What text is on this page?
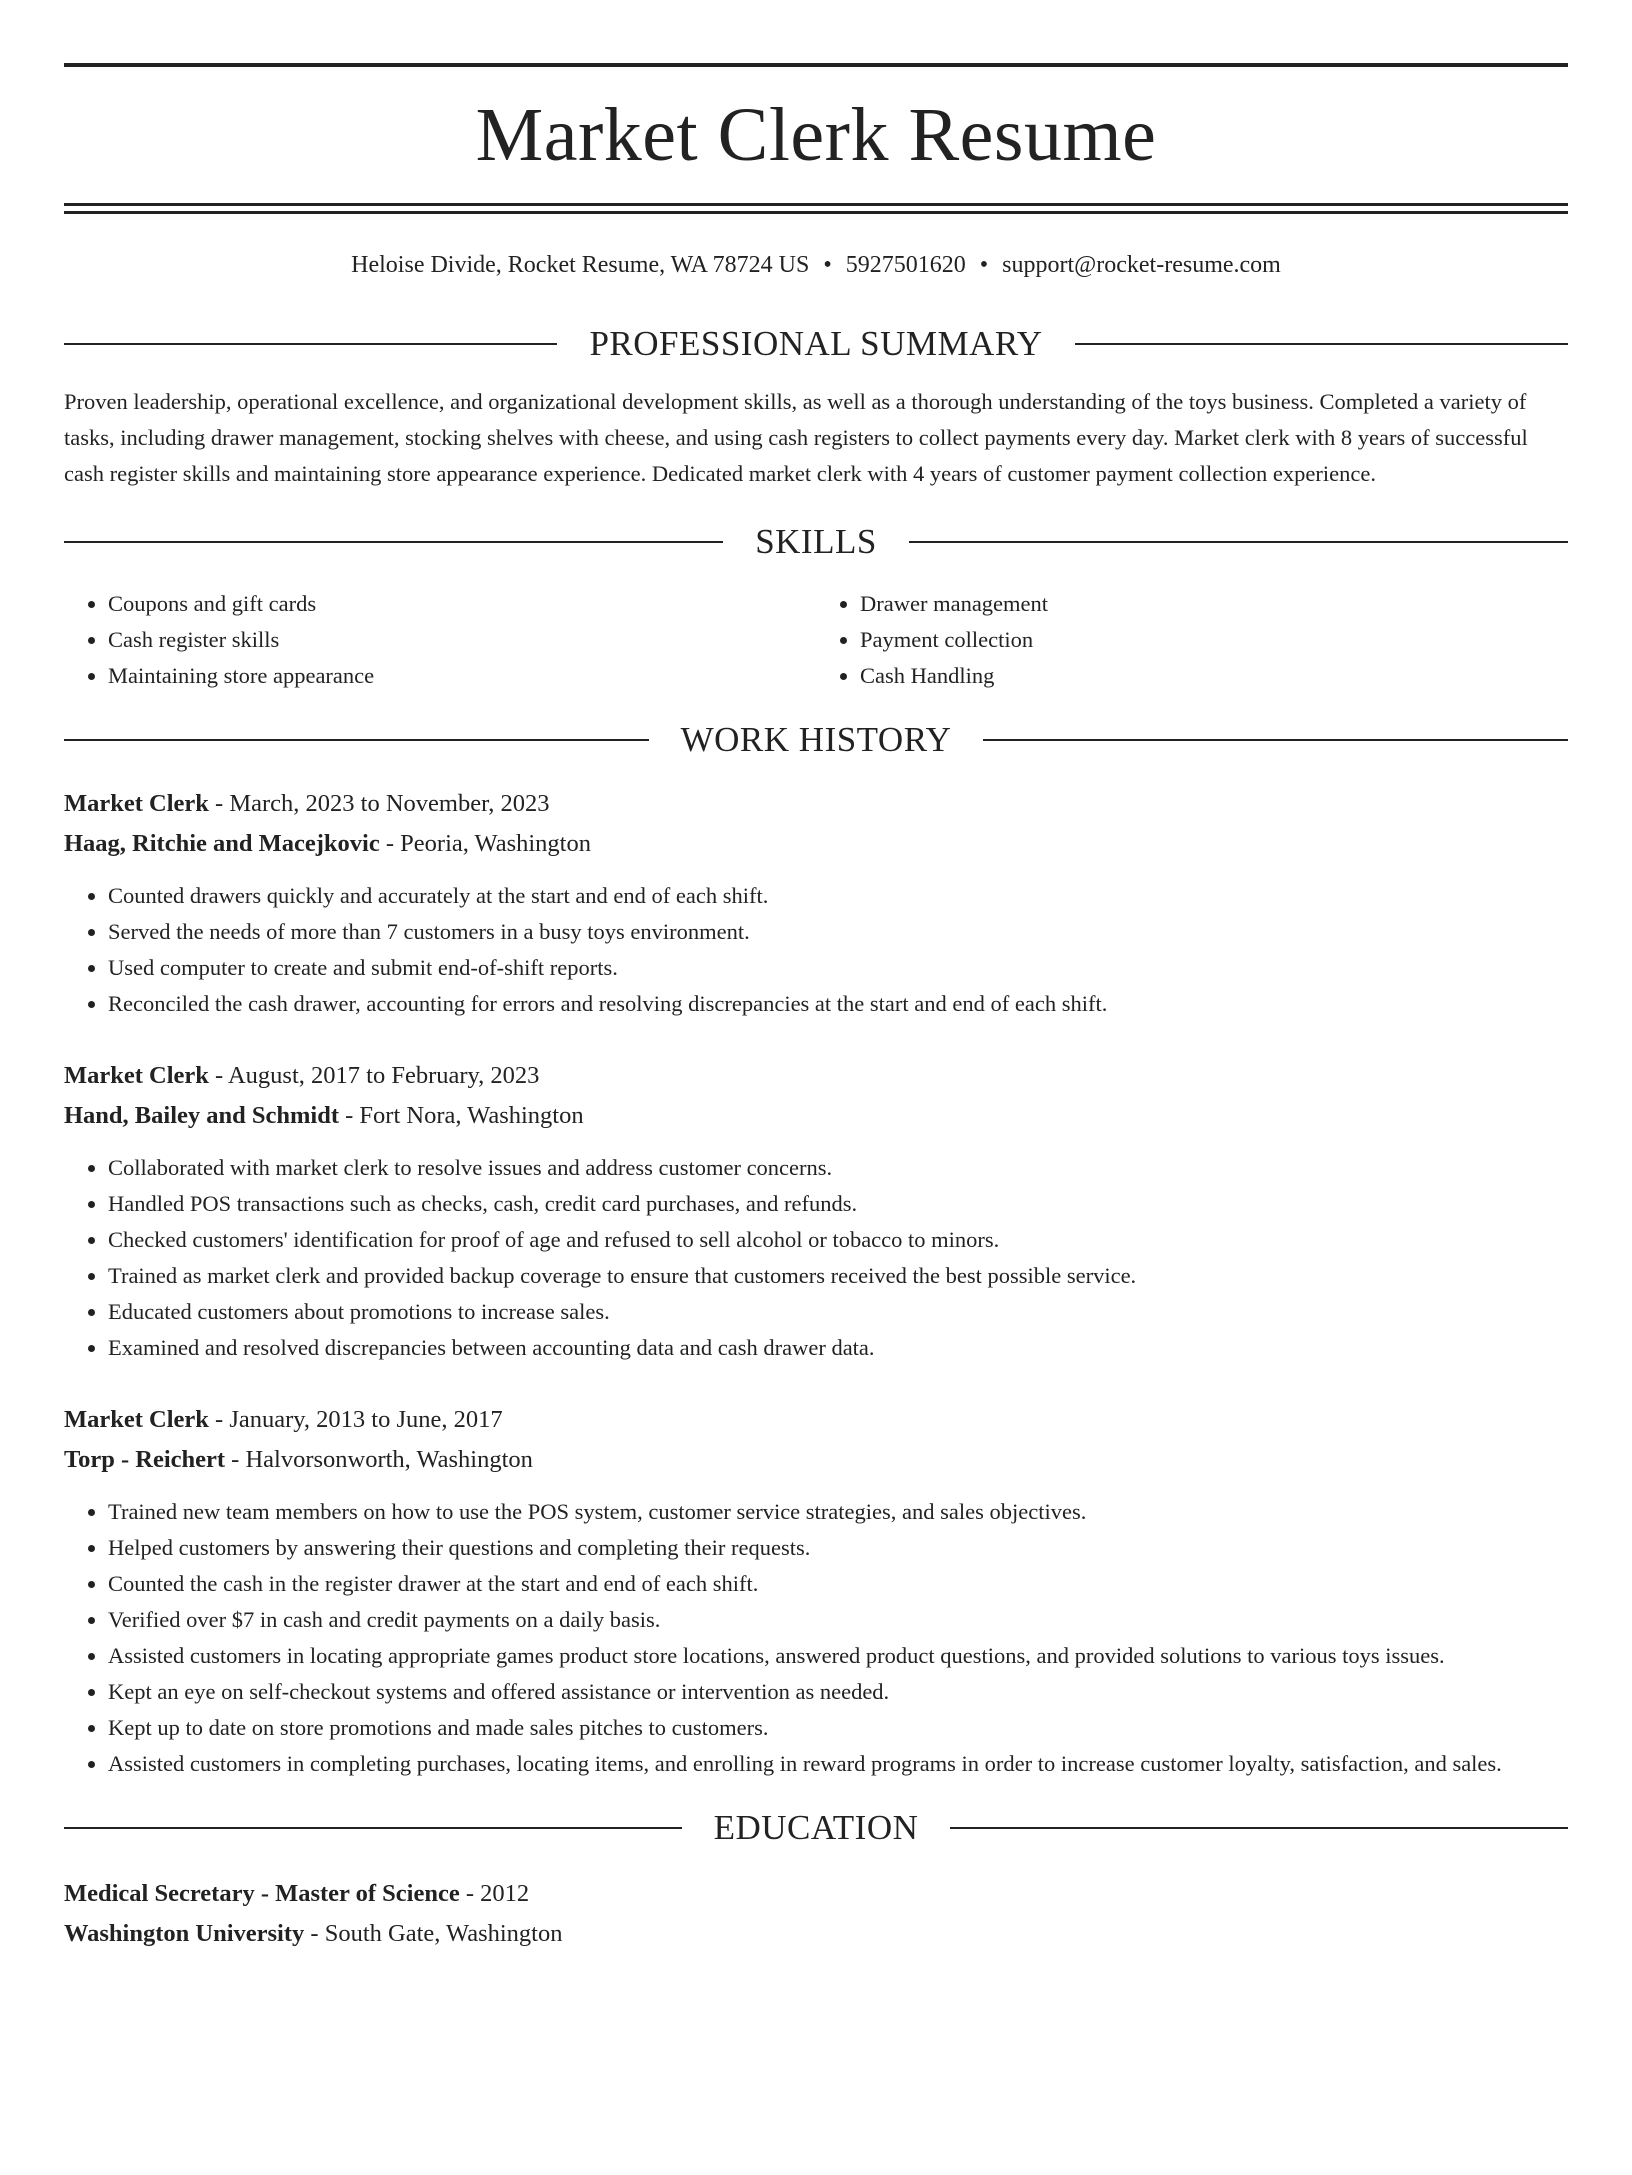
Market Clerk Resume
Heloise Divide, Rocket Resume, WA 78724 US • 5927501620 • support@rocket-resume.com
PROFESSIONAL SUMMARY

Proven leadership, operational excellence, and organizational development skills, as well as a thorough understanding of the toys business. Completed a variety of tasks, including drawer management, stocking shelves with cheese, and using cash registers to collect payments every day. Market clerk with 8 years of successful cash register skills and maintaining store appearance experience. Dedicated market clerk with 4 years of customer payment collection experience.

SKILLS
• Coupons and gift cards
• Cash register skills
• Maintaining store appearance
• Drawer management
• Payment collection
• Cash Handling
WORK HISTORY
Market Clerk - March, 2023 to November, 2023
Haag, Ritchie and Macejkovic - Peoria, Washington
• Counted drawers quickly and accurately at the start and end of each shift.
• Served the needs of more than 7 customers in a busy toys environment.
• Used computer to create and submit end-of-shift reports.
• Reconciled the cash drawer, accounting for errors and resolving discrepancies at the start and end of each shift.
Market Clerk - August, 2017 to February, 2023
Hand, Bailey and Schmidt - Fort Nora, Washington
• Collaborated with market clerk to resolve issues and address customer concerns.
• Handled POS transactions such as checks, cash, credit card purchases, and refunds.
• Checked customers' identification for proof of age and refused to sell alcohol or tobacco to minors.
• Trained as market clerk and provided backup coverage to ensure that customers received the best possible service.
• Educated customers about promotions to increase sales.
• Examined and resolved discrepancies between accounting data and cash drawer data.
Market Clerk - January, 2013 to June, 2017
Torp - Reichert - Halvorsonworth, Washington
• Trained new team members on how to use the POS system, customer service strategies, and sales objectives.
• Helped customers by answering their questions and completing their requests.
• Counted the cash in the register drawer at the start and end of each shift.
• Verified over $7 in cash and credit payments on a daily basis.
• Assisted customers in locating appropriate games product store locations, answered product questions, and provided solutions to various toys issues.
• Kept an eye on self-checkout systems and offered assistance or intervention as needed.
• Kept up to date on store promotions and made sales pitches to customers.
• Assisted customers in completing purchases, locating items, and enrolling in reward programs in order to increase customer loyalty, satisfaction, and sales.
EDUCATION
Medical Secretary - Master of Science - 2012
Washington University - South Gate, Washington
